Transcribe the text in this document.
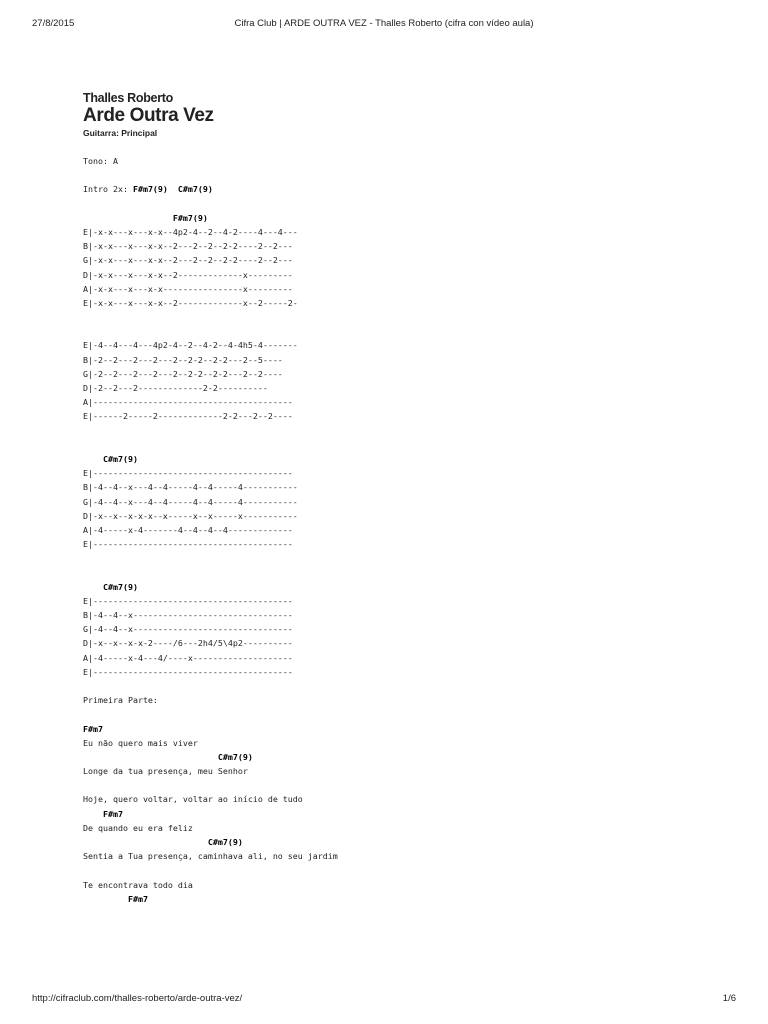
27/8/2015	Cifra Club | ARDE OUTRA VEZ - Thalles Roberto (cifra con vídeo aula)
Thalles Roberto
Arde Outra Vez
Guitarra: Principal
Tono: A
Intro 2x: F#m7(9) C#m7(9)
F#m7(9)
E|-x-x---x---x-x--4p2-4--2--4-2----4---4---
B|-x-x---x---x-x--2---2--2--2-2----2--2---
G|-x-x---x---x-x--2---2--2--2-2----2--2---
D|-x-x---x---x-x--2-------------x---------
A|-x-x---x---x-x----------------x---------
E|-x-x---x---x-x--2-------------x--2-----2-
E|-4--4---4---4p2-4--2--4-2--4-4h5-4-------
B|-2--2---2---2---2--2-2--2-2---2--5----
G|-2--2---2---2---2--2-2--2-2---2--2----
D|-2--2---2-------------2-2----------
A|----------------------------------------
E|------2-----2-------------2-2---2--2----
C#m7(9)
E|----------------------------------------
B|-4--4--x---4--4-----4--4-----4-----------
G|-4--4--x---4--4-----4--4-----4-----------
D|-x--x--x-x-x--x-----x--x-----x-----------
A|-4-----x-4-------4--4--4--4-------------
E|----------------------------------------
C#m7(9)
E|----------------------------------------
B|-4--4--x--------------------------------
G|-4--4--x--------------------------------
D|-x--x--x-x-2----/6---2h4/5\4p2----------
A|-4-----x-4---4/----x--------------------
E|----------------------------------------
Primeira Parte:
F#m7
Eu não quero mais viver
C#m7(9)
Longe da tua presença, meu Senhor
Hoje, quero voltar, voltar ao início de tudo
F#m7
De quando eu era feliz
C#m7(9)
Sentia a Tua presença, caminhava ali, no seu jardim
Te encontrava todo dia
F#m7
http://cifraclub.com/thalles-roberto/arde-outra-vez/	1/6
